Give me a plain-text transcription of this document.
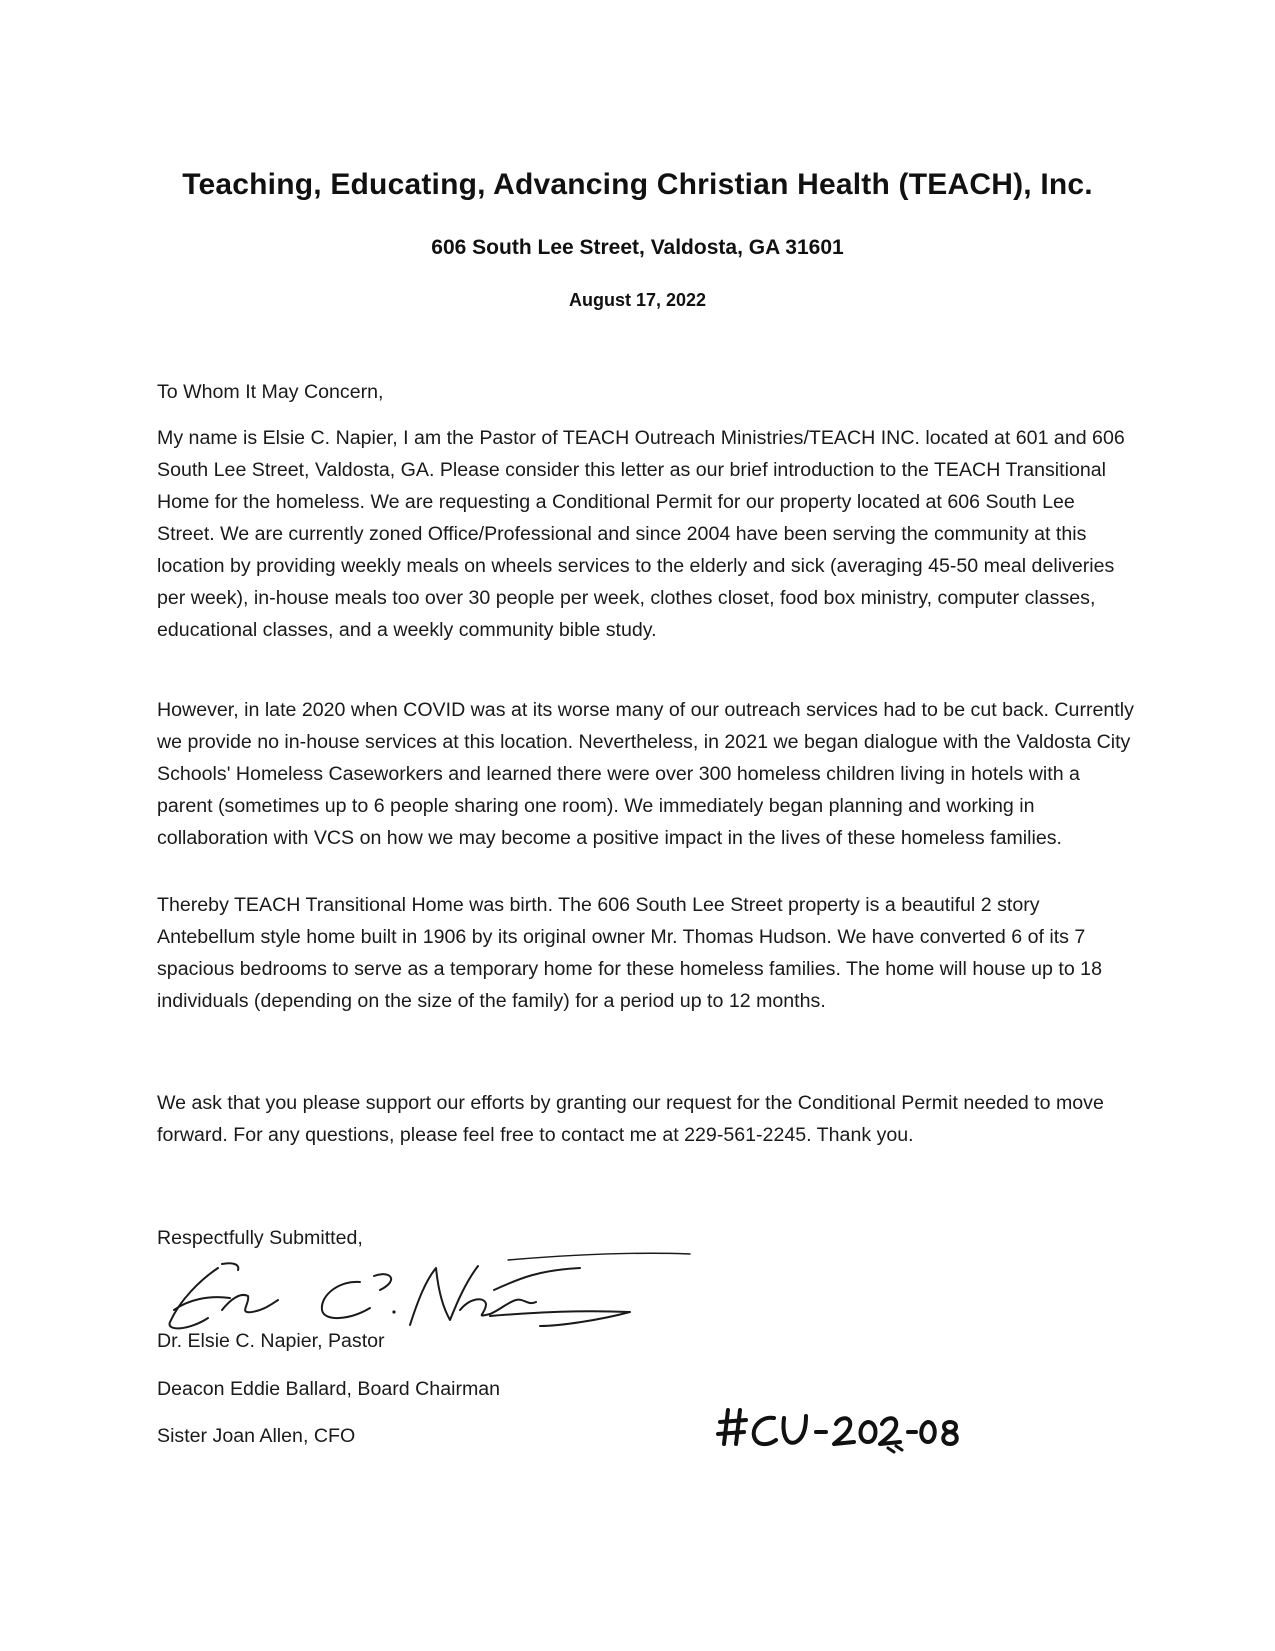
Teaching, Educating, Advancing Christian Health (TEACH), Inc.
606 South Lee Street, Valdosta, GA 31601
August 17, 2022
To Whom It May Concern,
My name is Elsie C. Napier, I am the Pastor of TEACH Outreach Ministries/TEACH INC. located at 601 and 606 South Lee Street, Valdosta, GA. Please consider this letter as our brief introduction to the TEACH Transitional Home for the homeless. We are requesting a Conditional Permit for our property located at 606 South Lee Street. We are currently zoned Office/Professional and since 2004 have been serving the community at this location by providing weekly meals on wheels services to the elderly and sick (averaging 45-50 meal deliveries per week), in-house meals too over 30 people per week, clothes closet, food box ministry, computer classes, educational classes, and a weekly community bible study.
However, in late 2020 when COVID was at its worse many of our outreach services had to be cut back. Currently we provide no in-house services at this location. Nevertheless, in 2021 we began dialogue with the Valdosta City Schools' Homeless Caseworkers and learned there were over 300 homeless children living in hotels with a parent (sometimes up to 6 people sharing one room). We immediately began planning and working in collaboration with VCS on how we may become a positive impact in the lives of these homeless families.
Thereby TEACH Transitional Home was birth. The 606 South Lee Street property is a beautiful 2 story Antebellum style home built in 1906 by its original owner Mr. Thomas Hudson. We have converted 6 of its 7 spacious bedrooms to serve as a temporary home for these homeless families. The home will house up to 18 individuals (depending on the size of the family) for a period up to 12 months.
We ask that you please support our efforts by granting our request for the Conditional Permit needed to move forward. For any questions, please feel free to contact me at 229-561-2245. Thank you.
Respectfully Submitted,
Dr. Elsie C. Napier, Pastor
Deacon Eddie Ballard, Board Chairman
Sister Joan Allen, CFO
